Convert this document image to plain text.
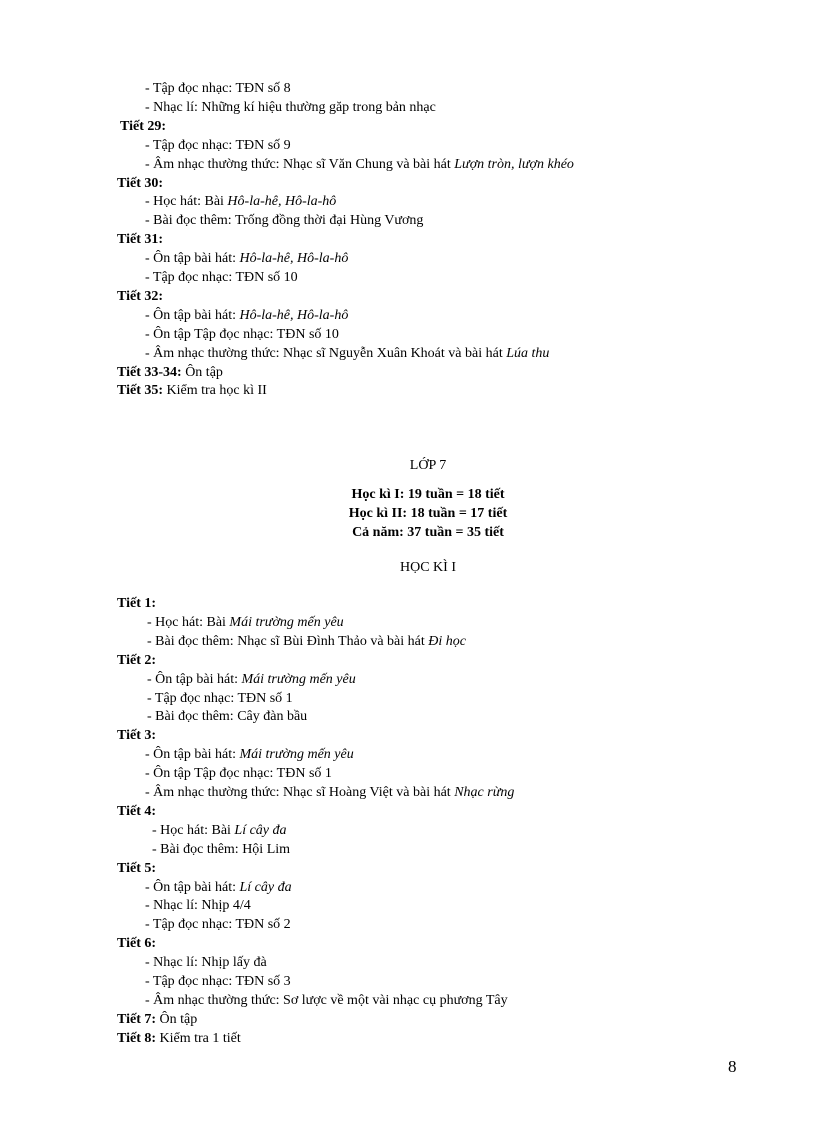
- Tập đọc nhạc: TĐN số 8
- Nhạc lí: Những kí hiệu thường găp trong bản nhạc
Tiết 29:
- Tập đọc nhạc: TĐN số 9
- Âm nhạc thường thức: Nhạc sĩ Văn Chung và bài hát Lượn tròn, lượn khéo
Tiết 30:
- Học hát: Bài Hô-la-hê, Hô-la-hô
- Bài đọc thêm: Trống đồng thời đại Hùng Vương
Tiết 31:
- Ôn tập bài hát: Hô-la-hê, Hô-la-hô
- Tập đọc nhạc: TĐN số 10
Tiết 32:
- Ôn tập bài hát: Hô-la-hê, Hô-la-hô
- Ôn tập Tập đọc nhạc: TĐN số 10
- Âm nhạc thường thức: Nhạc sĩ Nguyễn Xuân Khoát và bài hát Lúa thu
Tiết 33-34: Ôn tập
Tiết 35: Kiểm tra học kì II
LỚP 7
Học kì I: 19 tuần = 18 tiết
Học kì II: 18 tuần = 17 tiết
Cả năm: 37 tuần = 35 tiết
HỌC KÌ I
Tiết 1:
- Học hát: Bài Mái trường mến yêu
- Bài đọc thêm: Nhạc sĩ Bùi Đình Thảo và bài hát Đi học
Tiết 2:
- Ôn tập bài hát: Mái trường mến yêu
- Tập đọc nhạc: TĐN số 1
- Bài đọc thêm: Cây đàn bầu
Tiết 3:
- Ôn tập bài hát: Mái trường mến yêu
- Ôn tập Tập đọc nhạc: TĐN số 1
- Âm nhạc thường thức: Nhạc sĩ Hoàng Việt và bài hát Nhạc rừng
Tiết 4:
- Học hát: Bài Lí cây đa
- Bài đọc thêm: Hội Lim
Tiết 5:
- Ôn tập bài hát: Lí cây đa
- Nhạc lí: Nhịp 4/4
- Tập đọc nhạc: TĐN số 2
Tiết 6:
- Nhạc lí: Nhịp lấy đà
- Tập đọc nhạc: TĐN số 3
- Âm nhạc thường thức: Sơ lược về một vài nhạc cụ phương Tây
Tiết 7: Ôn tập
Tiết 8: Kiểm tra 1 tiết
8
